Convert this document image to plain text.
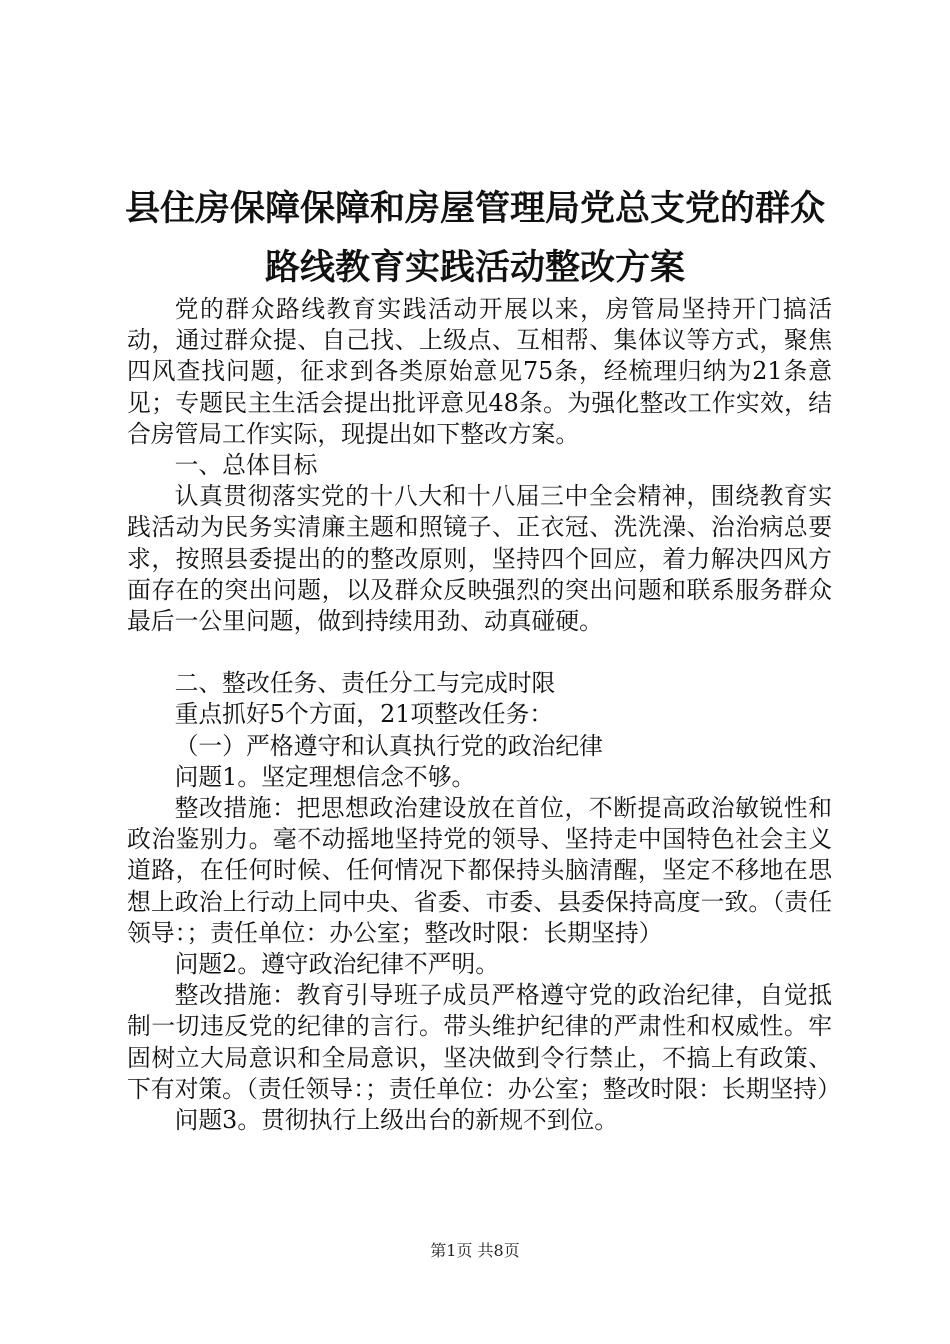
县住房保障保障和房屋管理局党总支党的群众
路线教育实践活动整改方案

党的群众路线教育实践活动开展以来，房管局坚持开门搞活动，通过群众提、自己找、上级点、互相帮、集体议等方式，聚焦四风查找问题，征求到各类原始意见75条，经梳理归纳为21条意见；专题民主生活会提出批评意见48条。为强化整改工作实效，结合房管局工作实际，现提出如下整改方案。

一、总体目标

认真贯彻落实党的十八大和十八届三中全会精神，围绕教育实践活动为民务实清廉主题和照镜子、正衣冠、洗洗澡、治治病总要求，按照县委提出的的整改原则，坚持四个回应，着力解决四风方面存在的突出问题，以及群众反映强烈的突出问题和联系服务群众最后一公里问题，做到持续用劲、动真碰硬。

二、整改任务、责任分工与完成时限

重点抓好5个方面，21项整改任务：

（一）严格遵守和认真执行党的政治纪律

问题1。坚定理想信念不够。

整改措施：把思想政治建设放在首位，不断提高政治敏锐性和政治鉴别力。毫不动摇地坚持党的领导、坚持走中国特色社会主义道路，在任何时候、任何情况下都保持头脑清醒，坚定不移地在思想上政治上行动上同中央、省委、市委、县委保持高度一致。（责任领导：；责任单位：办公室；整改时限：长期坚持）

问题2。遵守政治纪律不严明。

整改措施：教育引导班子成员严格遵守党的政治纪律，自觉抵制一切违反党的纪律的言行。带头维护纪律的严肃性和权威性。牢固树立大局意识和全局意识，坚决做到令行禁止，不搞上有政策、下有对策。（责任领导：；责任单位：办公室；整改时限：长期坚持）

问题3。贯彻执行上级出台的新规不到位。

第1页 共8页
